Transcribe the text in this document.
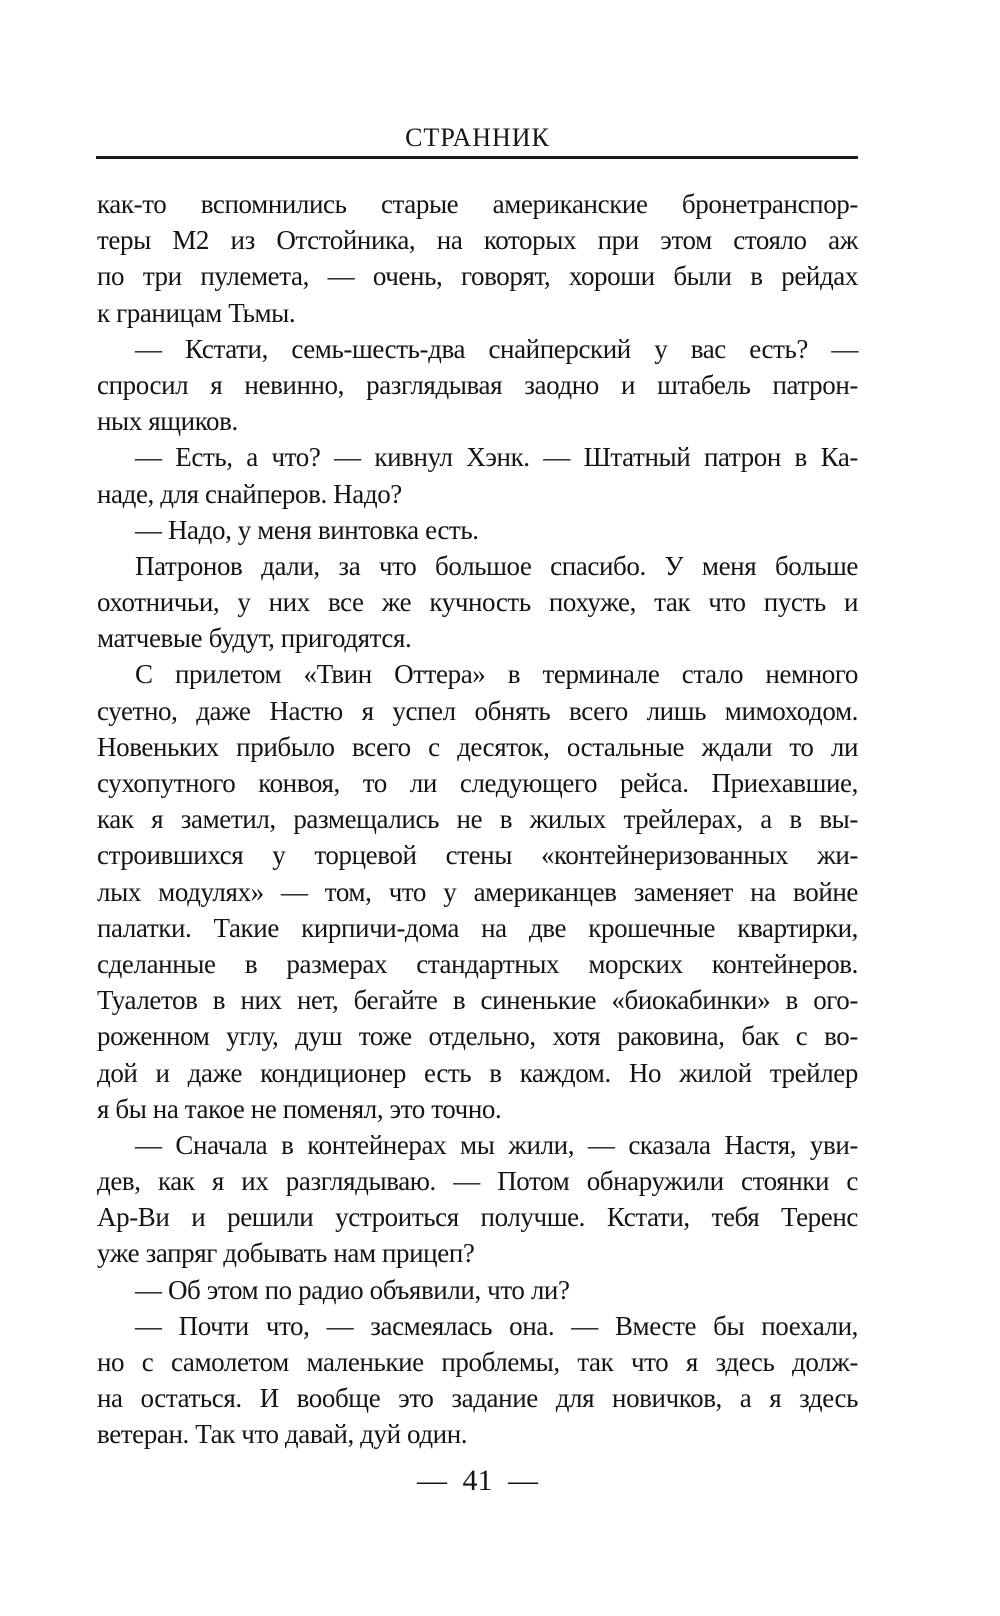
СТРАННИК
как-то вспомнились старые американские бронетранспор-
теры М2 из Отстойника, на которых при этом стояло аж
по три пулемета, — очень, говорят, хороши были в рейдах
к границам Тьмы.
— Кстати, семь-шесть-два снайперский у вас есть? —
спросил я невинно, разглядывая заодно и штабель патрон-
ных ящиков.
— Есть, а что? — кивнул Хэнк. — Штатный патрон в Ка-
наде, для снайперов. Надо?
— Надо, у меня винтовка есть.
Патронов дали, за что большое спасибо. У меня больше
охотничьи, у них все же кучность похуже, так что пусть и
матчевые будут, пригодятся.
С прилетом «Твин Оттера» в терминале стало немного
суетно, даже Настю я успел обнять всего лишь мимоходом.
Новеньких прибыло всего с десяток, остальные ждали то ли
сухопутного конвоя, то ли следующего рейса. Приехавшие,
как я заметил, размещались не в жилых трейлерах, а в вы-
строившихся у торцевой стены «контейнеризованных жи-
лых модулях» — том, что у американцев заменяет на войне
палатки. Такие кирпичи-дома на две крошечные квартирки,
сделанные в размерах стандартных морских контейнеров.
Туалетов в них нет, бегайте в синенькие «биокабинки» в ого-
роженном углу, душ тоже отдельно, хотя раковина, бак с во-
дой и даже кондиционер есть в каждом. Но жилой трейлер
я бы на такое не поменял, это точно.
— Сначала в контейнерах мы жили, — сказала Настя, уви-
дев, как я их разглядываю. — Потом обнаружили стоянки с
Ар-Ви и решили устроиться получше. Кстати, тебя Теренс
уже запряг добывать нам прицеп?
— Об этом по радио объявили, что ли?
— Почти что, — засмеялась она. — Вместе бы поехали,
но с самолетом маленькие проблемы, так что я здесь долж-
на остаться. И вообще это задание для новичков, а я здесь
ветеран. Так что давай, дуй один.
— 41 —
